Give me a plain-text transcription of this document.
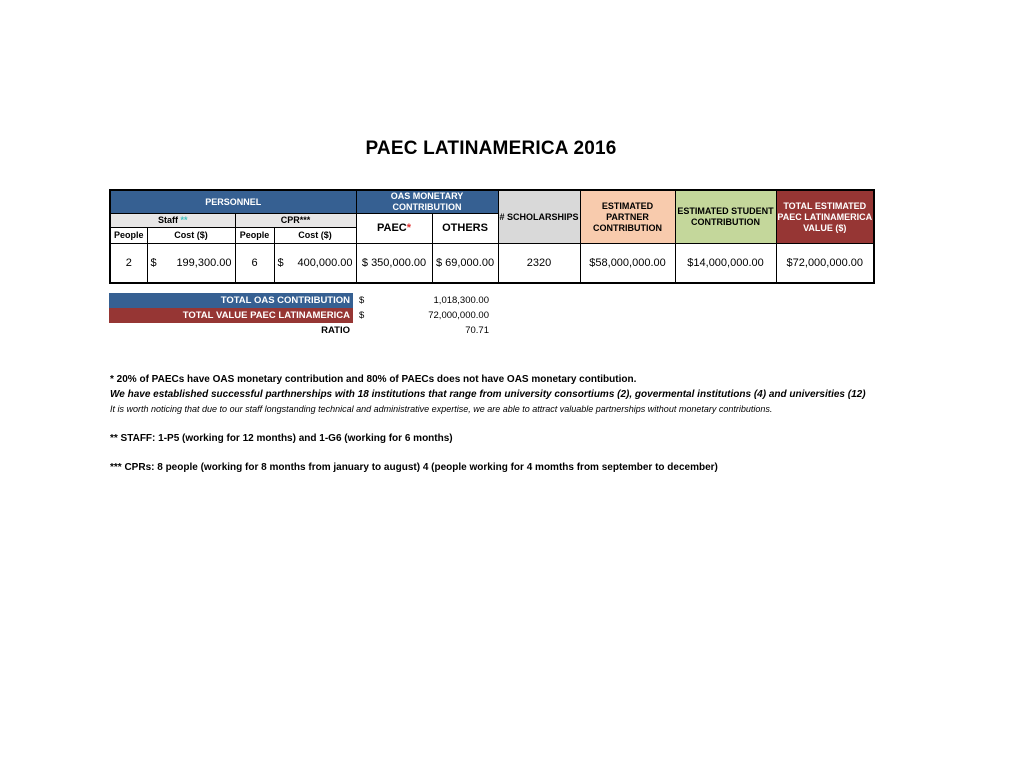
PAEC LATINAMERICA 2016
PERSONNEL				OAS MONETARY CONTRIBUTION		# SCHOLARSHIPS	ESTIMATED PARTNER CONTRIBUTION	ESTIMATED STUDENT CONTRIBUTION	TOTAL ESTIMATED PAEC LATINAMERICA VALUE ($)
Staff **		CPR***		PAEC*	OTHERS				
People	Cost ($)	People	Cost ($)						
2	$ 199,300.00	6	$ 400,000.00	$ 350,000.00	$ 69,000.00	2320	$58,000,000.00	$14,000,000.00	$72,000,000.00
TOTAL OAS CONTRIBUTION $	1,018,300.00
TOTAL VALUE PAEC LATINAMERICA $	72,000,000.00
RATIO	70.71

* 20% of PAECs have OAS monetary contribution and 80% of PAECs does not have OAS monetary contibution.

We have established successful parthnerships with 18 institutions that range from university consortiums (2), govermental institutions (4) and universities (12)

It is worth noticing that due to our staff longstanding technical and administrative expertise, we are able to attract valuable partnerships without monetary contributions.

** STAFF: 1-P5 (working for 12 months) and 1-G6 (working for 6 months)

*** CPRs: 8 people (working for 8 months from january to august) 4 (people working for 4 momths from september to december)
